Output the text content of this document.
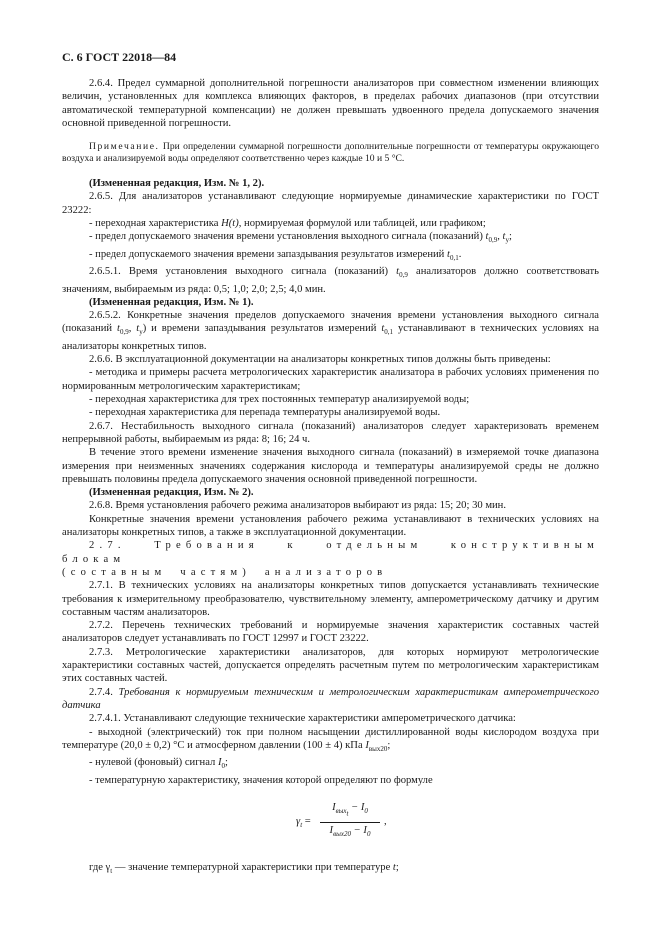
С. 6 ГОСТ 22018—84

2.6.4. Предел суммарной дополнительной погрешности анализаторов при совместном изменении влияющих величин, установленных для комплекса влияющих факторов, в пределах рабочих диапазонов (при отсутствии автоматической температурной компенсации) не должен превышать удвоенного предела допускаемого значения основной приведенной погрешности.

Примечание. При определении суммарной погрешности дополнительные погрешности от температуры окружающего воздуха и анализируемой воды определяют соответственно через каждые 10 и 5 °С.

(Измененная редакция, Изм. № 1, 2).

2.6.5. Для анализаторов устанавливают следующие нормируемые динамические характеристики по ГОСТ 23222:

- переходная характеристика H(t), нормируемая формулой или таблицей, или графиком;

- предел допускаемого значения времени установления выходного сигнала (показаний) $t_{0,9}$, $t_у$;

- предел допускаемого значения времени запаздывания результатов измерений $t_{0,1}$.

2.6.5.1. Время установления выходного сигнала (показаний) $t_{0,9}$ анализаторов должно соответствовать значениям, выбираемым из ряда: 0,5; 1,0; 2,0; 2,5; 4,0 мин.

(Измененная редакция, Изм. № 1).

2.6.5.2. Конкретные значения пределов допускаемого значения времени установления выходного сигнала (показаний $t_{0,9}$, $t_у$) и времени запаздывания результатов измерений $t_{0,1}$ устанавливают в технических условиях на анализаторы конкретных типов.

2.6.6. В эксплуатационной документации на анализаторы конкретных типов должны быть приведены:

- методика и примеры расчета метрологических характеристик анализатора в рабочих условиях применения по нормированным метрологическим характеристикам;

- переходная характеристика для трех постоянных температур анализируемой воды;

- переходная характеристика для перепада температуры анализируемой воды.

2.6.7. Нестабильность выходного сигнала (показаний) анализаторов следует характеризовать временем непрерывной работы, выбираемым из ряда: 8; 16; 24 ч.

В течение этого времени изменение значения выходного сигнала (показаний) в измеряемой точке диапазона измерения при неизменных значениях содержания кислорода и температуры анализируемой среды не должно превышать половины предела допускаемого значения основной приведенной погрешности.

(Измененная редакция, Изм. № 2).

2.6.8. Время установления рабочего режима анализаторов выбирают из ряда: 15; 20; 30 мин.

Конкретные значения времени установления рабочего режима устанавливают в технических условиях на анализаторы конкретных типов, а также в эксплуатационной документации.

2.7. Требования к отдельным конструктивным блокам

(составным частям) анализаторов

2.7.1. В технических условиях на анализаторы конкретных типов допускается устанавливать технические требования к измерительному преобразователю, чувствительному элементу, амперометрическому датчику и другим составным частям анализаторов.

2.7.2. Перечень технических требований и нормируемые значения характеристик составных частей анализаторов следует устанавливать по ГОСТ 12997 и ГОСТ 23222.

2.7.3. Метрологические характеристики анализаторов, для которых нормируют метрологические характеристики составных частей, допускается определять расчетным путем по метрологическим характеристикам этих составных частей.

2.7.4. Требования к нормируемым техническим и метрологическим характеристикам амперометрического датчика

2.7.4.1. Устанавливают следующие технические характеристики амперометрического датчика:

- выходной (электрический) ток при полном насыщении дистиллированной воды кислородом воздуха при температуре (20,0 ± 0,2) °С и атмосферном давлении (100 ± 4) кПа $I_{вых20}$;

- нулевой (фоновый) сигнал $I_0$;

- температурную характеристику, значения которой определяют по формуле

$\gamma_t$ =
$I_{вых_t} - I_0$
$I_{вых20} - I_0$
,

где $\gamma_t$ — значение температурной характеристики при температуре t;
